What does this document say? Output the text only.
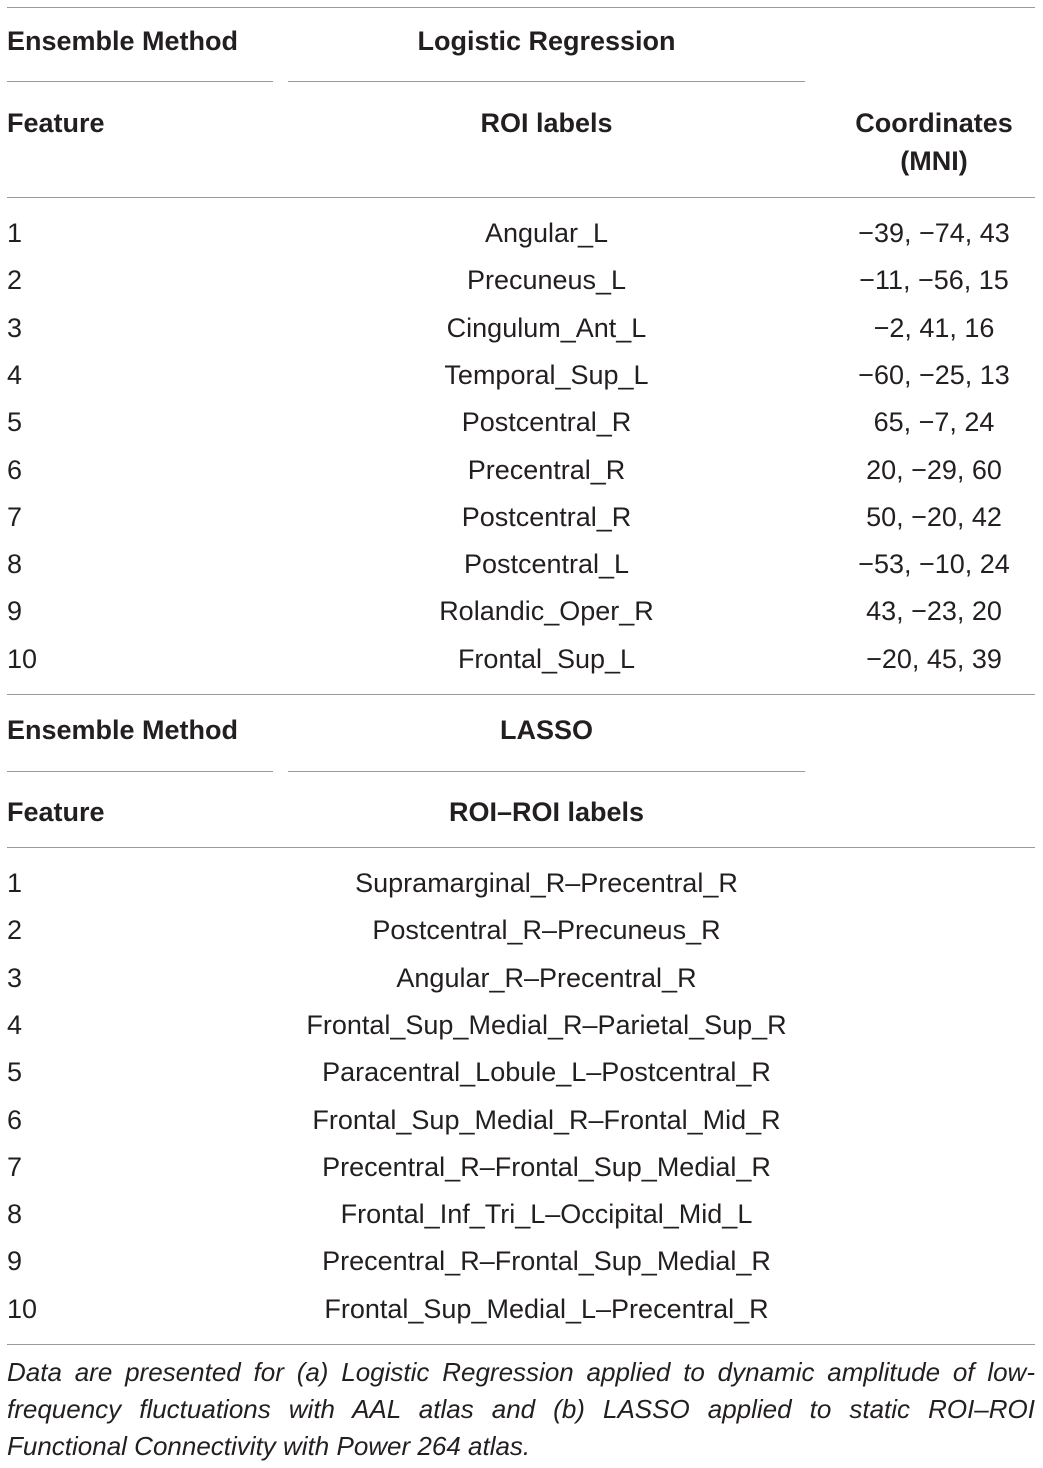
Ensemble Method	Logistic Regression
Feature	ROI labels	Coordinates
(MNI)
1	Angular_L	−39, −74, 43
2	Precuneus_L	−11, −56, 15
3	Cingulum_Ant_L	−2, 41, 16
4	Temporal_Sup_L	−60, −25, 13
5	Postcentral_R	65, −7, 24
6	Precentral_R	20, −29, 60
7	Postcentral_R	50, −20, 42
8	Postcentral_L	−53, −10, 24
9	Rolandic_Oper_R	43, −23, 20
10	Frontal_Sup_L	−20, 45, 39
Ensemble Method	LASSO
Feature	ROI–ROI labels
1	Supramarginal_R–Precentral_R
2	Postcentral_R–Precuneus_R
3	Angular_R–Precentral_R
4	Frontal_Sup_Medial_R–Parietal_Sup_R
5	Paracentral_Lobule_L–Postcentral_R
6	Frontal_Sup_Medial_R–Frontal_Mid_R
7	Precentral_R–Frontal_Sup_Medial_R
8	Frontal_Inf_Tri_L–Occipital_Mid_L
9	Precentral_R–Frontal_Sup_Medial_R
10	Frontal_Sup_Medial_L–Precentral_R
Data are presented for (a) Logistic Regression applied to dynamic amplitude of low-frequency fluctuations with AAL atlas and (b) LASSO applied to static ROI–ROI Functional Connectivity with Power 264 atlas.
